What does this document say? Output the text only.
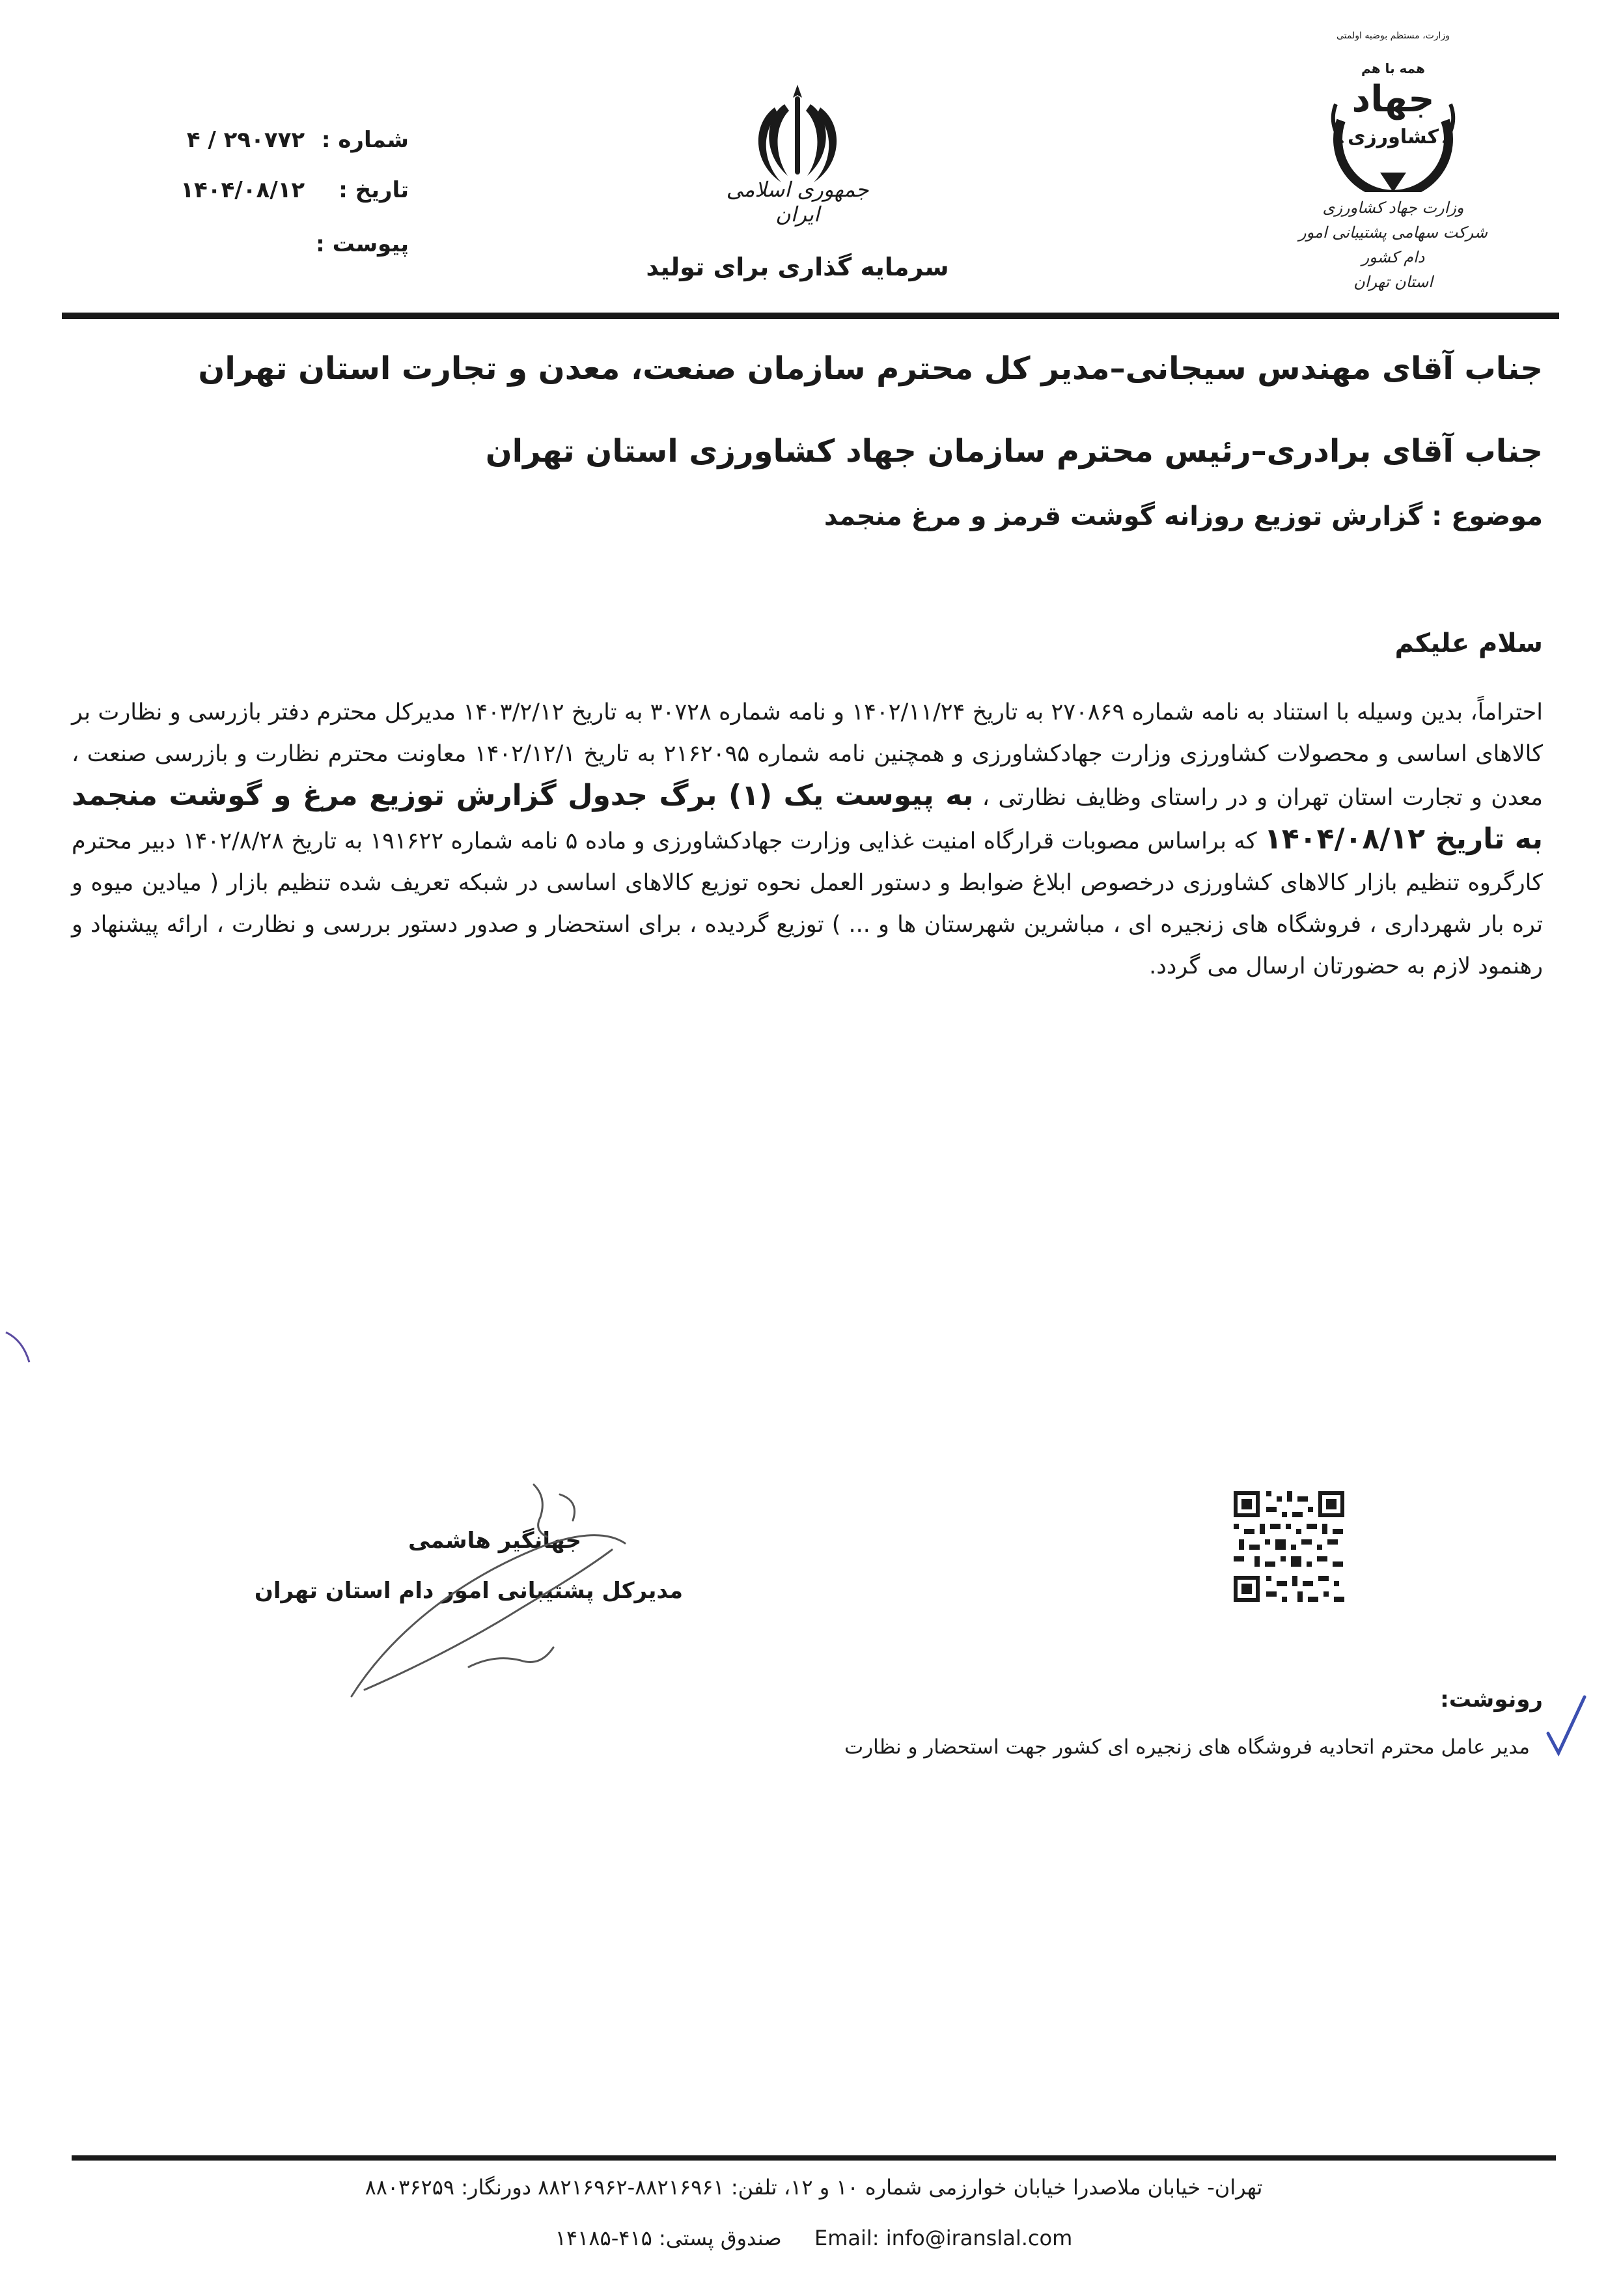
شماره : ۴ / ۲۹۰۷۷۲
تاریخ : ۱۴۰۴/۰۸/۱۲
پیوست :
جمهوری اسلامی ایران
سرمایه گذاری برای تولید
وزارت، مستظم بوضبه اولمتی
همه با هم
جهاد
کشاورزی
وزارت جهاد کشاورزی
شرکت سهامی پشتیبانی امور دام کشور
استان تهران
جناب آقای مهندس سیجانی–مدیر کل محترم سازمان صنعت، معدن و تجارت استان تهران
جناب آقای برادری–رئیس محترم سازمان جهاد کشاورزی استان تهران
موضوع : گزارش توزیع روزانه گوشت قرمز و مرغ منجمد
سلام علیکم
احتراماً، بدین وسیله با استناد به نامه شماره ۲۷۰۸۶۹ به تاریخ ۱۴۰۲/۱۱/۲۴ و نامه شماره ۳۰۷۲۸ به تاریخ ۱۴۰۳/۲/۱۲ مدیرکل محترم دفتر بازرسی و نظارت بر کالاهای اساسی و محصولات کشاورزی وزارت جهادکشاورزی و همچنین نامه شماره ۲۱۶۲۰۹۵ به تاریخ ۱۴۰۲/۱۲/۱ معاونت محترم نظارت و بازرسی صنعت ، معدن و تجارت استان تهران و در راستای وظایف نظارتی ، به پیوست یک (۱) برگ جدول گزارش توزیع مرغ و گوشت منجمد به تاریخ ۱۴۰۴/۰۸/۱۲ که براساس مصوبات قرارگاه امنیت غذایی وزارت جهادکشاورزی و ماده ۵ نامه شماره ۱۹۱۶۲۲ به تاریخ ۱۴۰۲/۸/۲۸ دبیر محترم کارگروه تنظیم بازار کالاهای کشاورزی درخصوص ابلاغ ضوابط و دستور العمل نحوه توزیع کالاهای اساسی در شبکه تعریف شده تنظیم بازار ( میادین میوه و تره بار شهرداری ، فروشگاه های زنجیره ای ، مباشرین شهرستان ها و ... ) توزیع گردیده ، برای استحضار و صدور دستور بررسی و نظارت ، ارائه پیشنهاد و رهنمود لازم به حضورتان ارسال می گردد.
جهانگیر هاشمی
مدیرکل پشتیبانی امور دام استان تهران
رونوشت:
مدیر عامل محترم اتحادیه فروشگاه های زنجیره ای کشور جهت استحضار و نظارت
تهران- خیابان ملاصدرا خیابان خوارزمی شماره ۱۰ و ۱۲، تلفن: ۸۸۲۱۶۹۶۱-۸۸۲۱۶۹۶۲ دورنگار: ۸۸۰۳۶۲۵۹
Email: info@iranslal.com  صندوق پستی: ۴۱۵-۱۴۱۸۵
